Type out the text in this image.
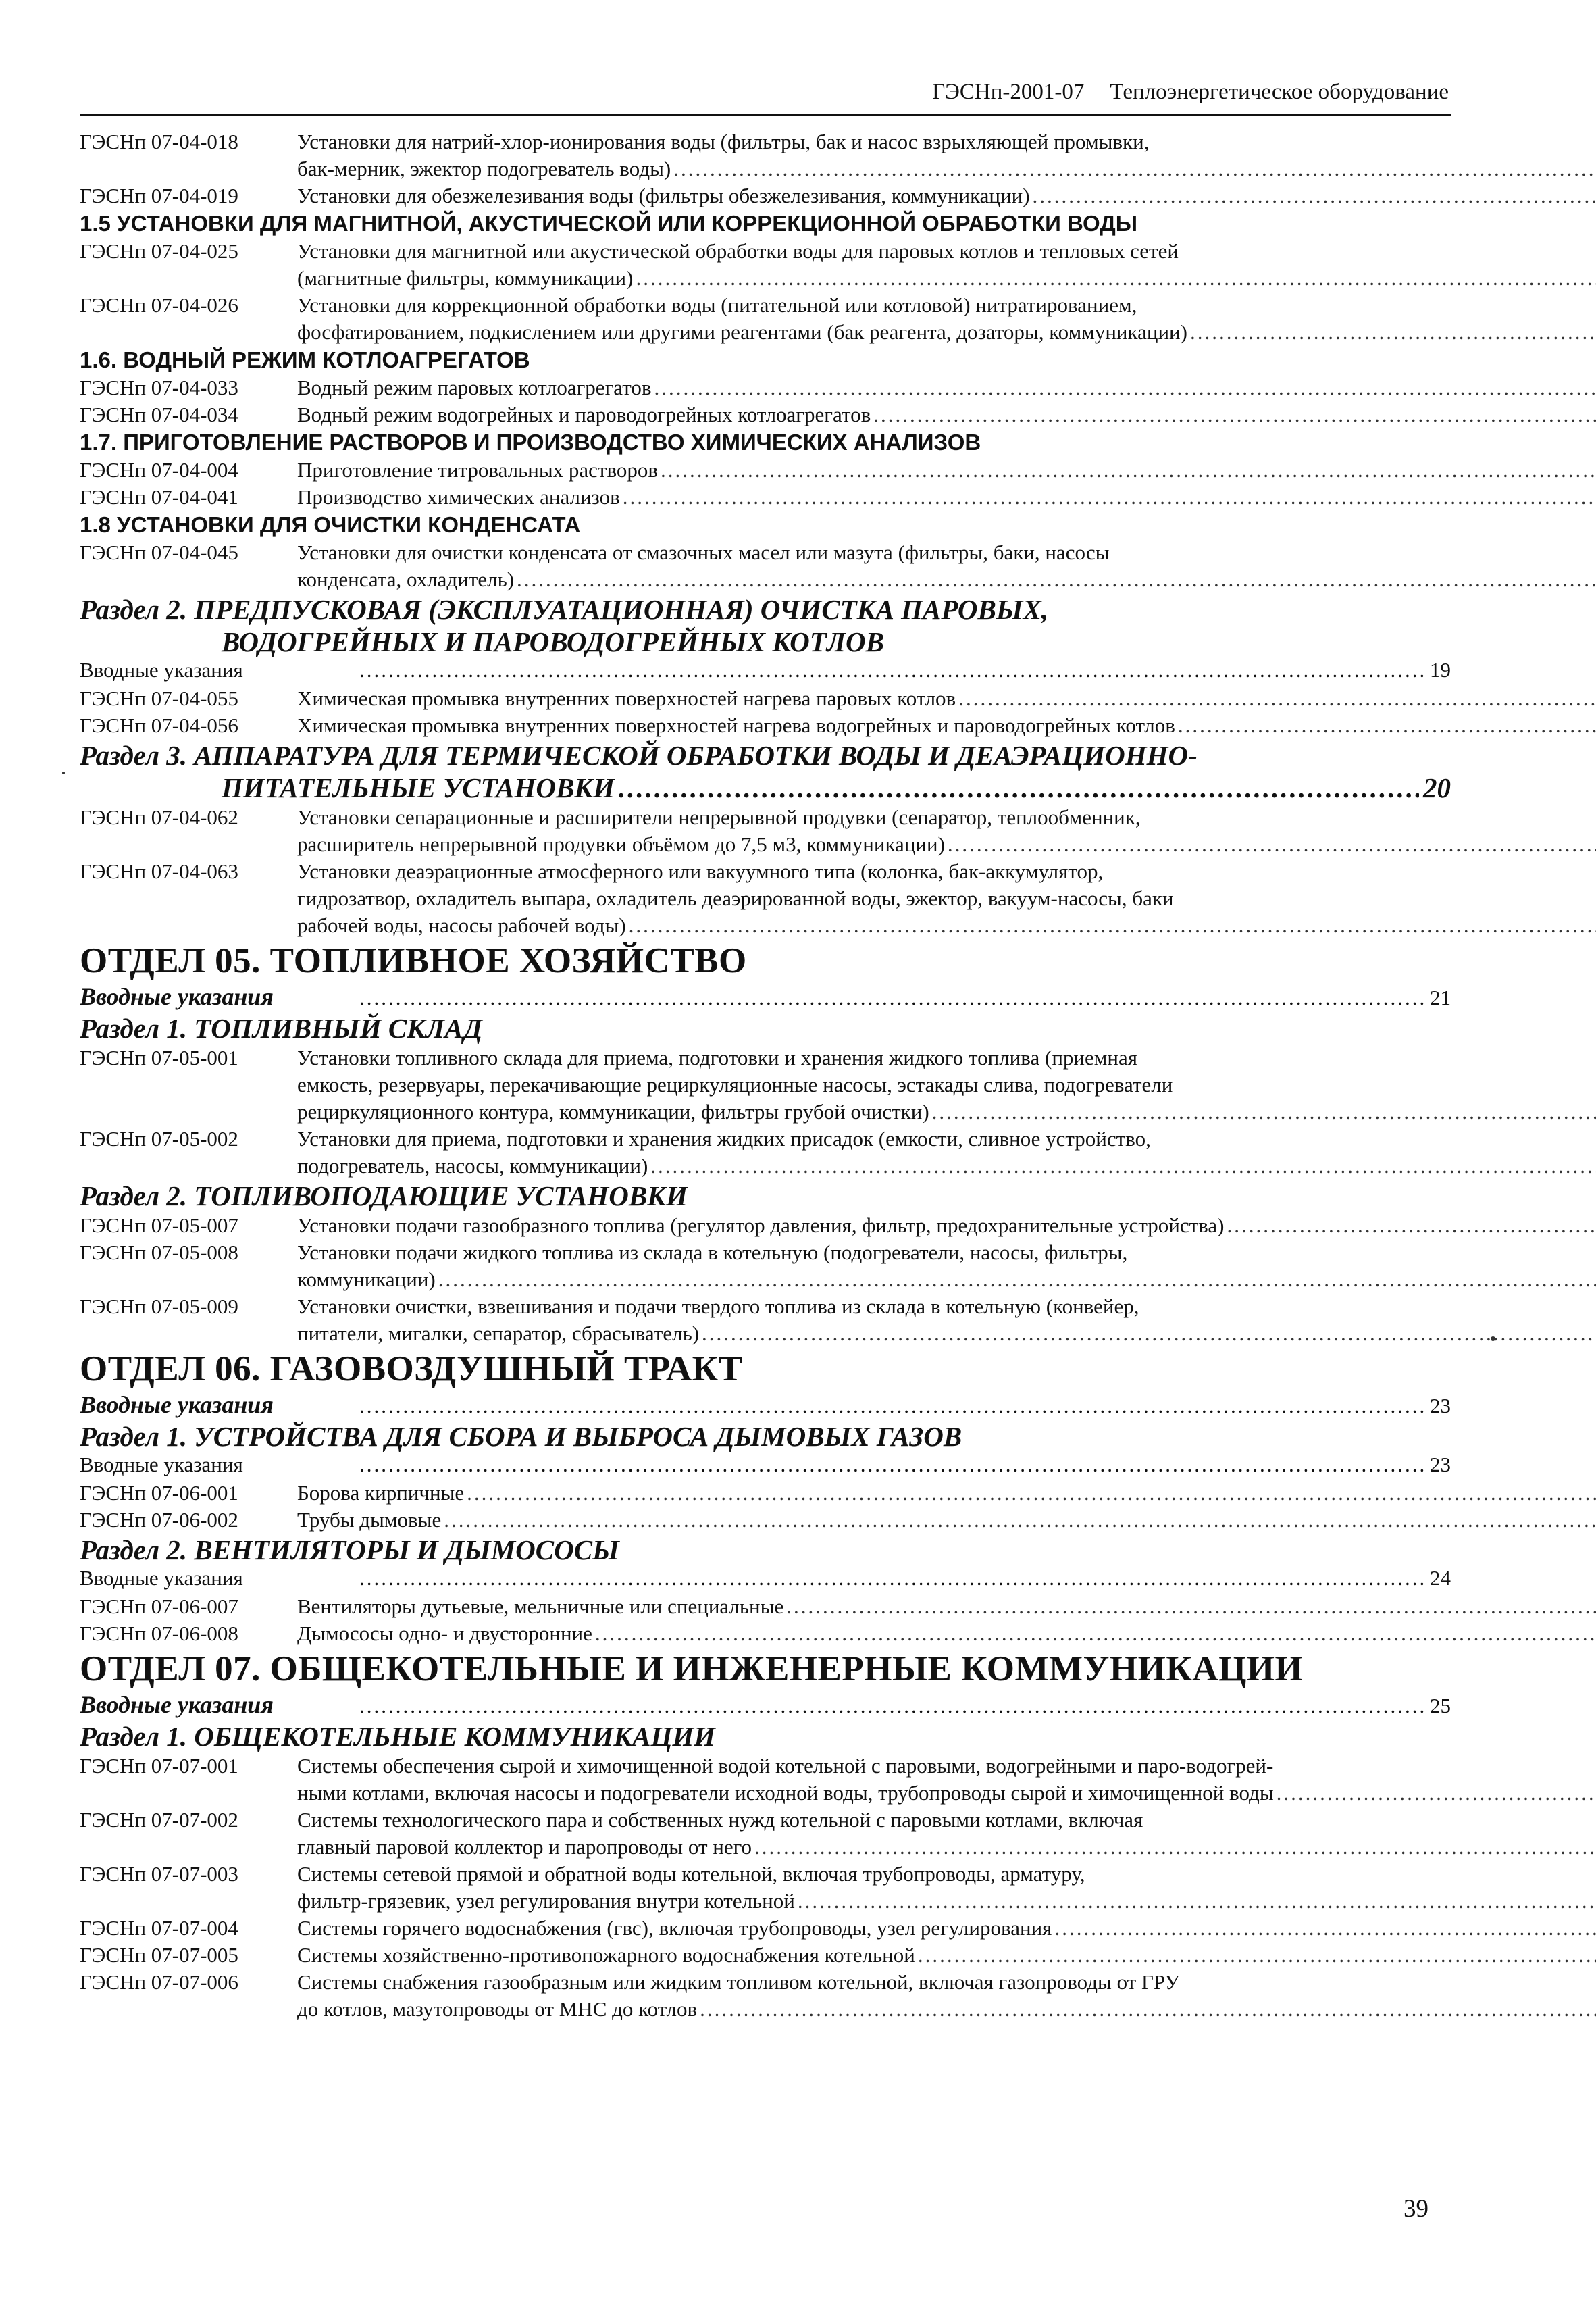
ГЭСНп-2001-07 Теплоэнергетическое оборудование
ГЭСНп 07-04-018	Установки для натрий-хлор-ионирования воды (фильтры, бак и насос взрыхляющей промывки,
бак-мерник, эжектор подогреватель воды)
.....
ГЭСНп 07-04-019	Установки для обезжелезивания воды (фильтры обезжелезивания, коммуникации)
.....
1.5 УСТАНОВКИ ДЛЯ МАГНИТНОЙ, АКУСТИЧЕСКОЙ ИЛИ КОРРЕКЦИОННОЙ ОБРАБОТКИ ВОДЫ
ГЭСНп 07-04-025	Установки для магнитной или акустической обработки воды для паровых котлов и тепловых сетей
(магнитные фильтры, коммуникации)
.....
ГЭСНп 07-04-026	Установки для коррекционной обработки воды (питательной или котловой) нитратированием,
фосфатированием, подкислением или другими реагентами (бак реагента, дозаторы, коммуникации)
.....
1.6. ВОДНЫЙ РЕЖИМ КОТЛОАГРЕГАТОВ
ГЭСНп 07-04-033	Водный режим паровых котлоагрегатов
.....
ГЭСНп 07-04-034	Водный режим водогрейных и пароводогрейных котлоагрегатов
.....
1.7. ПРИГОТОВЛЕНИЕ РАСТВОРОВ И ПРОИЗВОДСТВО ХИМИЧЕСКИХ АНАЛИЗОВ
ГЭСНп 07-04-004	Приготовление титровальных растворов
.....
ГЭСНп 07-04-041	Производство химических анализов
.....
1.8 УСТАНОВКИ ДЛЯ ОЧИСТКИ КОНДЕНСАТА
ГЭСНп 07-04-045	Установки для очистки конденсата от смазочных масел или мазута (фильтры, баки, насосы
конденсата, охладитель)
.....
Раздел 2. ПРЕДПУСКОВАЯ (ЭКСПЛУАТАЦИОННАЯ) ОЧИСТКА ПАРОВЫХ,
ВОДОГРЕЙНЫХ И ПАРОВОДОГРЕЙНЫХ КОТЛОВ
Вводные указания .....	19
ГЭСНп 07-04-055	Химическая промывка внутренних поверхностей нагрева паровых котлов
.....
ГЭСНп 07-04-056	Химическая промывка внутренних поверхностей нагрева водогрейных и пароводогрейных котлов
.....
Раздел 3. АППАРАТУРА ДЛЯ ТЕРМИЧЕСКОЙ ОБРАБОТКИ ВОДЫ И ДЕАЭРАЦИОННО-
ПИТАТЕЛЬНЫЕ УСТАНОВКИ .....	20
ГЭСНп 07-04-062	Установки сепарационные и расширители непрерывной продувки (сепаратор, теплообменник,
расширитель непрерывной продувки объёмом до 7,5 м3, коммуникации)
.....
ГЭСНп 07-04-063	Установки деаэрационные атмосферного или вакуумного типа (колонка, бак-аккумулятор,
гидрозатвор, охладитель выпара, охладитель деаэрированной воды, эжектор, вакуум-насосы, баки
рабочей воды, насосы рабочей воды)
.....
ОТДЕЛ 05. ТОПЛИВНОЕ ХОЗЯЙСТВО
Вводные указания .....	21
Раздел 1. ТОПЛИВНЫЙ СКЛАД
ГЭСНп 07-05-001	Установки топливного склада для приема, подготовки и хранения жидкого топлива (приемная
емкость, резервуары, перекачивающие рециркуляционные насосы, эстакады слива, подогреватели
рециркуляционного контура, коммуникации, фильтры грубой очистки)
.....
ГЭСНп 07-05-002	Установки для приема, подготовки и хранения жидких присадок (емкости, сливное устройство,
подогреватель, насосы, коммуникации)
.....
Раздел 2. ТОПЛИВОПОДАЮЩИЕ УСТАНОВКИ
ГЭСНп 07-05-007	Установки подачи газообразного топлива (регулятор давления, фильтр, предохранительные устройства)
.....
ГЭСНп 07-05-008	Установки подачи жидкого топлива из склада в котельную (подогреватели, насосы, фильтры,
коммуникации)
.....
ГЭСНп 07-05-009	Установки очистки, взвешивания и подачи твердого топлива из склада в котельную (конвейер,
питатели, мигалки, сепаратор, сбрасыватель)
.....
ОТДЕЛ 06. ГАЗОВОЗДУШНЫЙ ТРАКТ
Вводные указания .....	23
Раздел 1. УСТРОЙСТВА ДЛЯ СБОРА И ВЫБРОСА ДЫМОВЫХ ГАЗОВ
Вводные указания .....	23
ГЭСНп 07-06-001	Борова кирпичные
.....
ГЭСНп 07-06-002	Трубы дымовые
.....
Раздел 2. ВЕНТИЛЯТОРЫ И ДЫМОСОСЫ
Вводные указания .....	24
ГЭСНп 07-06-007	Вентиляторы дутьевые, мельничные или специальные
.....
ГЭСНп 07-06-008	Дымососы одно- и двусторонние
.....
ОТДЕЛ 07. ОБЩЕКОТЕЛЬНЫЕ И ИНЖЕНЕРНЫЕ КОММУНИКАЦИИ
Вводные указания .....	25
Раздел 1. ОБЩЕКОТЕЛЬНЫЕ КОММУНИКАЦИИ
ГЭСНп 07-07-001	Системы обеспечения сырой и химочищенной водой котельной с паровыми, водогрейными и паро-водогрей-
ными котлами, включая насосы и подогреватели исходной воды, трубопроводы сырой и химочищенной воды
.....
ГЭСНп 07-07-002	Системы технологического пара и собственных нужд котельной с паровыми котлами, включая
главный паровой коллектор и паропроводы от него
.....
ГЭСНп 07-07-003	Системы сетевой прямой и обратной воды котельной, включая трубопроводы, арматуру,
фильтр-грязевик, узел регулирования внутри котельной
.....
ГЭСНп 07-07-004	Системы горячего водоснабжения (гвс), включая трубопроводы, узел регулирования
.....
ГЭСНп 07-07-005	Системы хозяйственно-противопожарного водоснабжения котельной
.....
ГЭСНп 07-07-006	Системы снабжения газообразным или жидким топливом котельной, включая газопроводы от ГРУ
до котлов, мазутопроводы от МНС до котлов
.....
39
